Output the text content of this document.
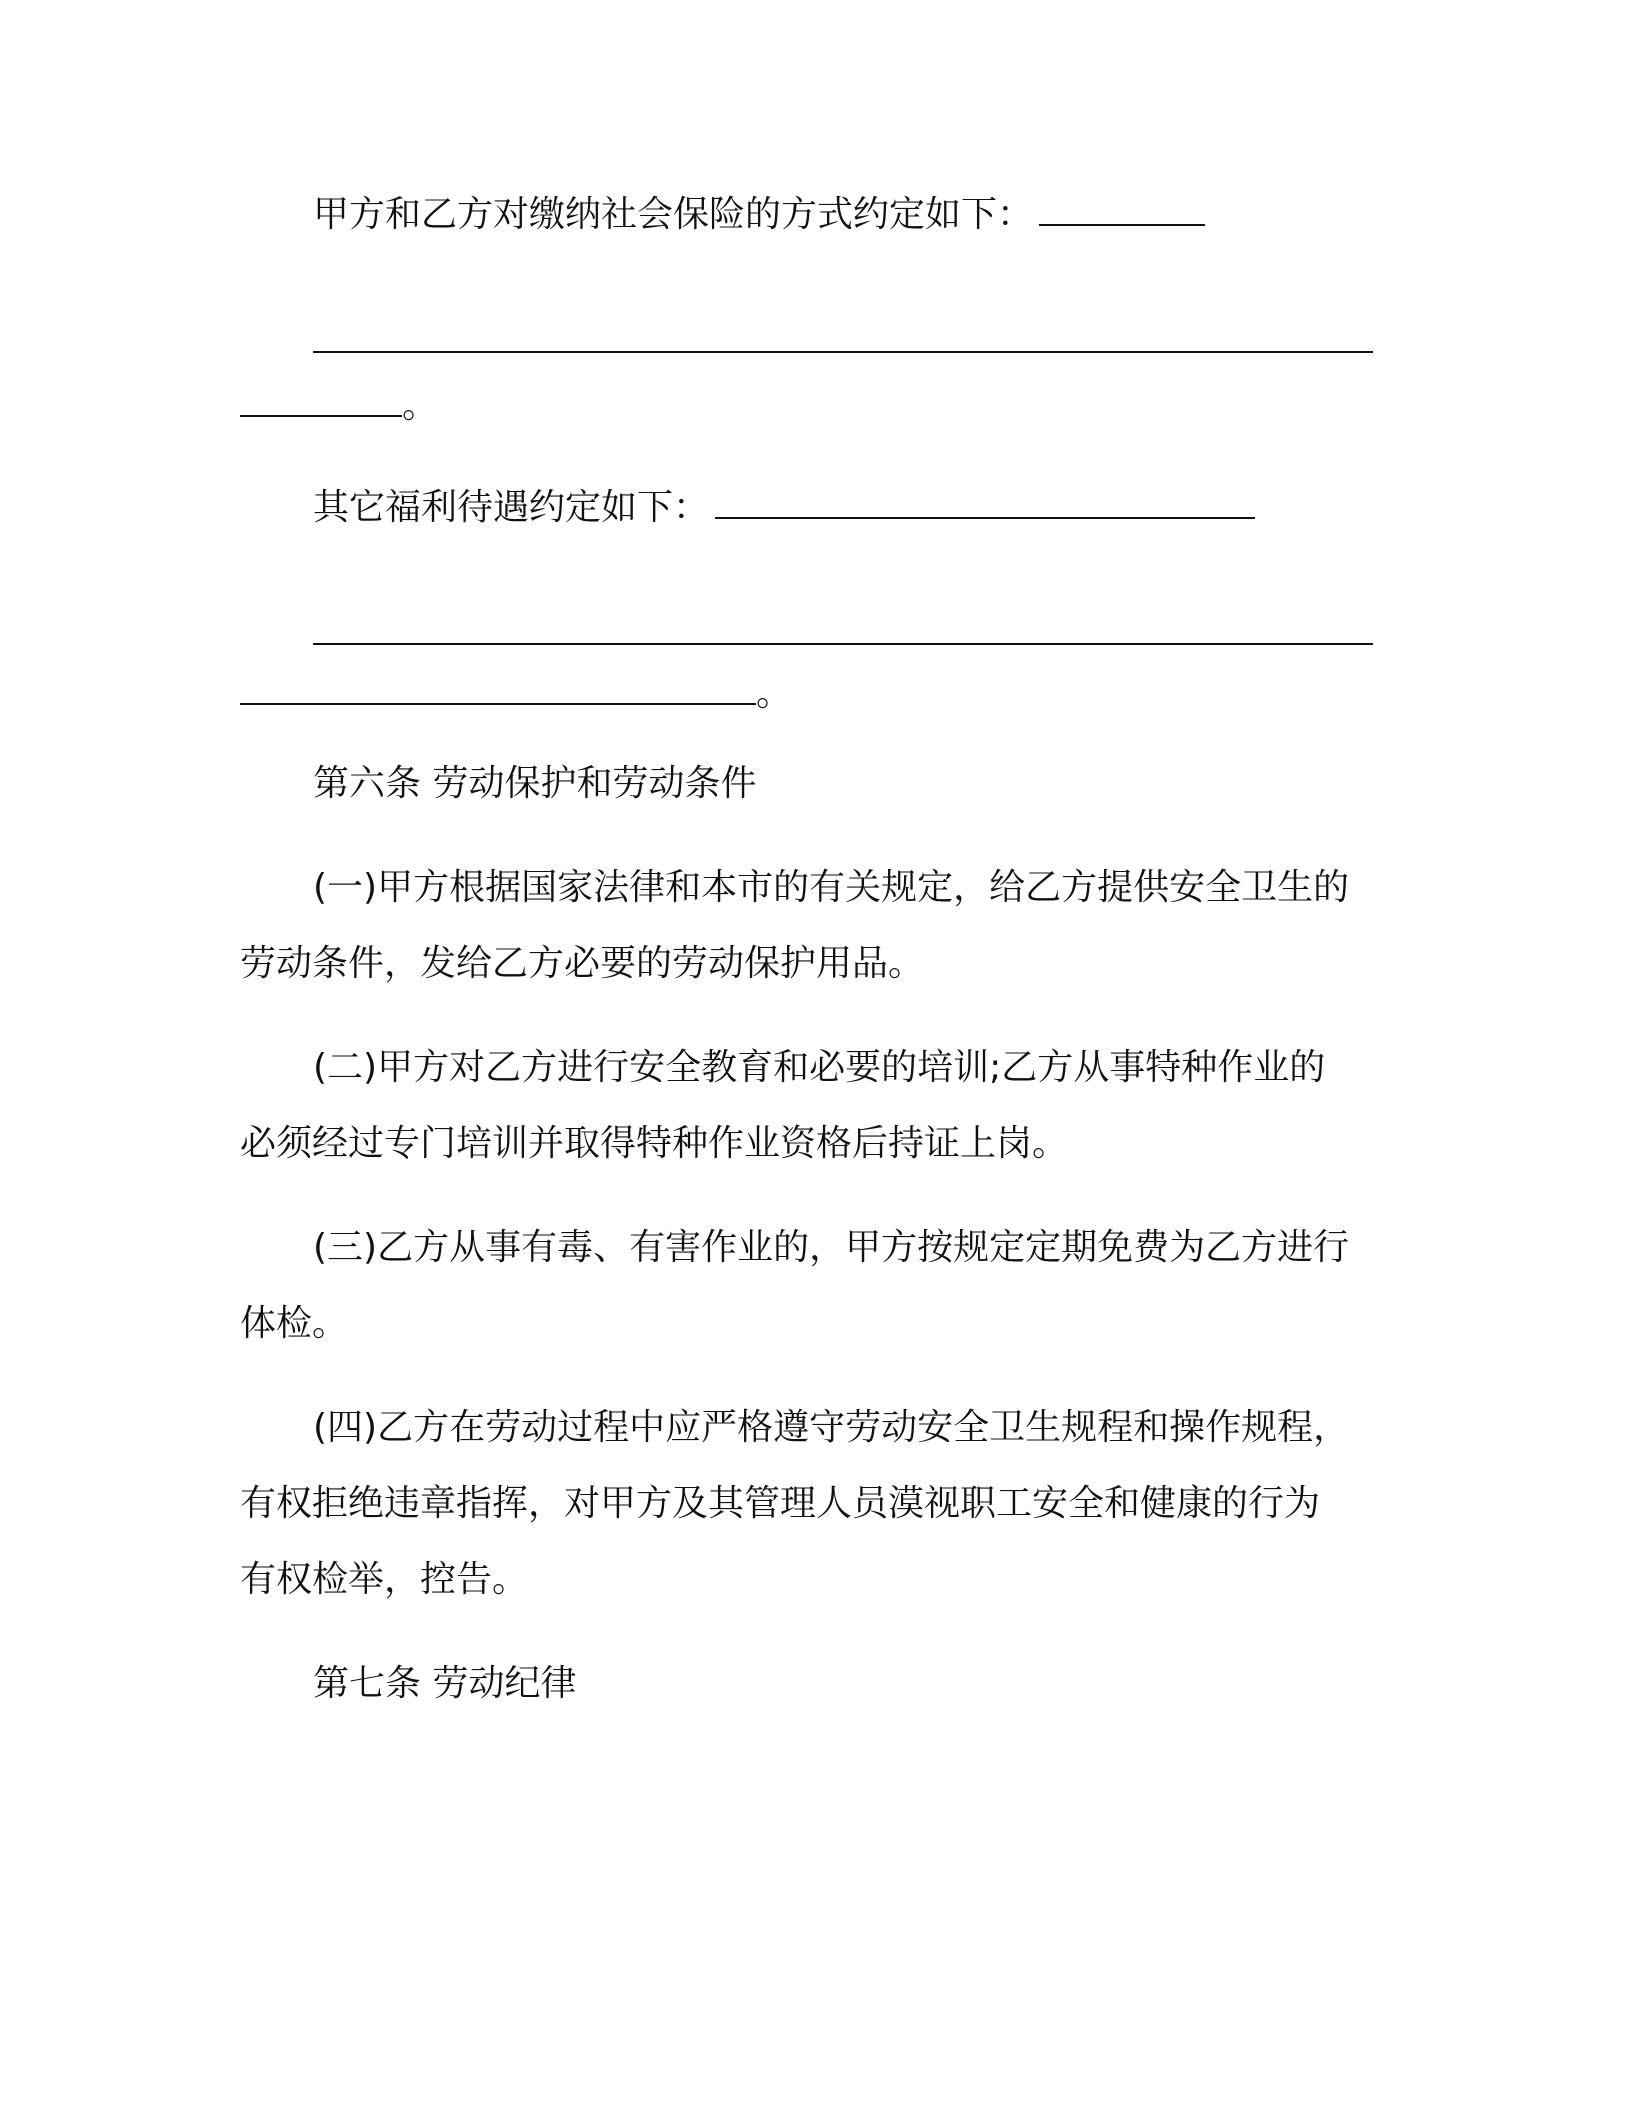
甲方和乙方对缴纳社会保险的方式约定如下：
。
其它福利待遇约定如下：
。
第六条 劳动保护和劳动条件
(一)甲方根据国家法律和本市的有关规定，给乙方提供安全卫生的
劳动条件，发给乙方必要的劳动保护用品。
(二)甲方对乙方进行安全教育和必要的培训;乙方从事特种作业的
必须经过专门培训并取得特种作业资格后持证上岗。
(三)乙方从事有毒、有害作业的，甲方按规定定期免费为乙方进行
体检。
(四)乙方在劳动过程中应严格遵守劳动安全卫生规程和操作规程，
有权拒绝违章指挥，对甲方及其管理人员漠视职工安全和健康的行为
有权检举，控告。
第七条 劳动纪律
